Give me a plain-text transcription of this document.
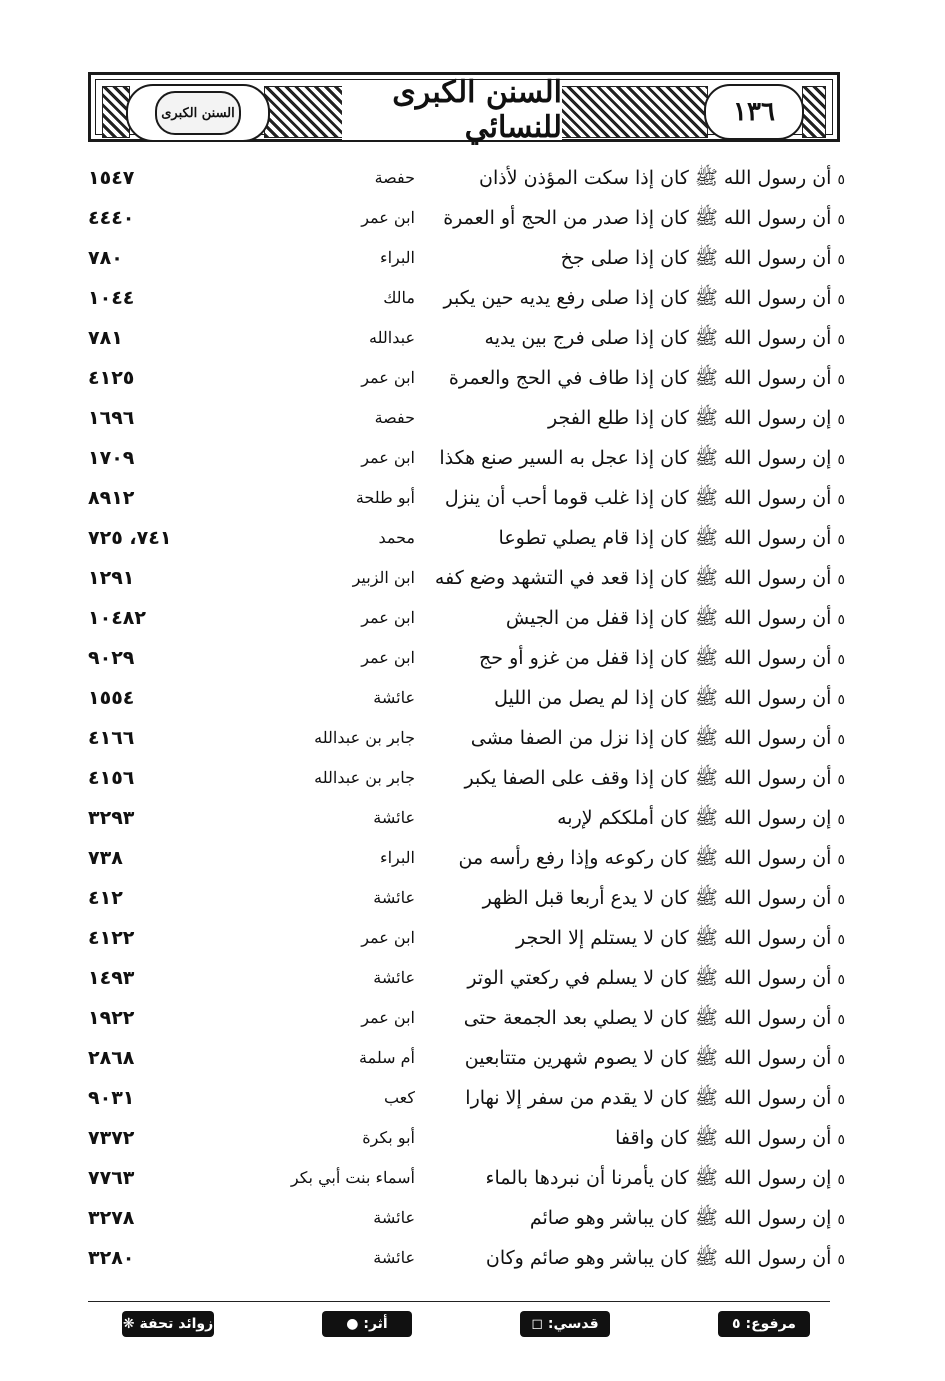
السنن الكبرى
السنن الكبرى للنسائي	١٣٦
٥أن رسول الله ﷺ كان إذا سكت المؤذن لأذان
حفصة
١٥٤٧
٥أن رسول الله ﷺ كان إذا صدر من الحج أو العمرة
ابن عمر
٤٤٤٠
٥أن رسول الله ﷺ كان إذا صلى جخ
البراء
٧٨٠
٥أن رسول الله ﷺ كان إذا صلى رفع يديه حين يكبر
مالك
١٠٤٤
٥أن رسول الله ﷺ كان إذا صلى فرج بين يديه
عبدالله
٧٨١
٥أن رسول الله ﷺ كان إذا طاف في الحج والعمرة
ابن عمر
٤١٢٥
٥إن رسول الله ﷺ كان إذا طلع الفجر
حفصة
١٦٩٦
٥إن رسول الله ﷺ كان إذا عجل به السير صنع هكذا
ابن عمر
١٧٠٩
٥أن رسول الله ﷺ كان إذا غلب قوما أحب أن ينزل
أبو طلحة
٨٩١٢
٥أن رسول الله ﷺ كان إذا قام يصلي تطوعا
محمد
٧٤١، ٧٢٥
٥أن رسول الله ﷺ كان إذا قعد في التشهد وضع كفه
ابن الزبير
١٢٩١
٥أن رسول الله ﷺ كان إذا قفل من الجيش
ابن عمر
١٠٤٨٢
٥أن رسول الله ﷺ كان إذا قفل من غزو أو حج
ابن عمر
٩٠٢٩
٥أن رسول الله ﷺ كان إذا لم يصل من الليل
عائشة
١٥٥٤
٥أن رسول الله ﷺ كان إذا نزل من الصفا مشى
جابر بن عبدالله
٤١٦٦
٥أن رسول الله ﷺ كان إذا وقف على الصفا يكبر
جابر بن عبدالله
٤١٥٦
٥إن رسول الله ﷺ كان أملككم لإربه
عائشة
٣٢٩٣
٥أن رسول الله ﷺ كان ركوعه وإذا رفع رأسه من
البراء
٧٣٨
٥أن رسول الله ﷺ كان لا يدع أربعا قبل الظهر
عائشة
٤١٢
٥أن رسول الله ﷺ كان لا يستلم إلا الحجر
ابن عمر
٤١٢٢
٥أن رسول الله ﷺ كان لا يسلم في ركعتي الوتر
عائشة
١٤٩٣
٥أن رسول الله ﷺ كان لا يصلي بعد الجمعة حتى
ابن عمر
١٩٢٢
٥أن رسول الله ﷺ كان لا يصوم شهرين متتابعين
أم سلمة
٢٨٦٨
٥أن رسول الله ﷺ كان لا يقدم من سفر إلا نهارا
كعب
٩٠٣١
٥أن رسول الله ﷺ كان واقفا
أبو بكرة
٧٣٧٢
٥إن رسول الله ﷺ كان يأمرنا أن نبردها بالماء
أسماء بنت أبي بكر
٧٧٦٣
٥إن رسول الله ﷺ كان يباشر وهو صائم
عائشة
٣٢٧٨
٥أن رسول الله ﷺ كان يباشر وهو صائم وكان
عائشة
٣٢٨٠
مرفوع: ٥
قدسي: ◻
أثر: ●
زوائد تحفة ❋
